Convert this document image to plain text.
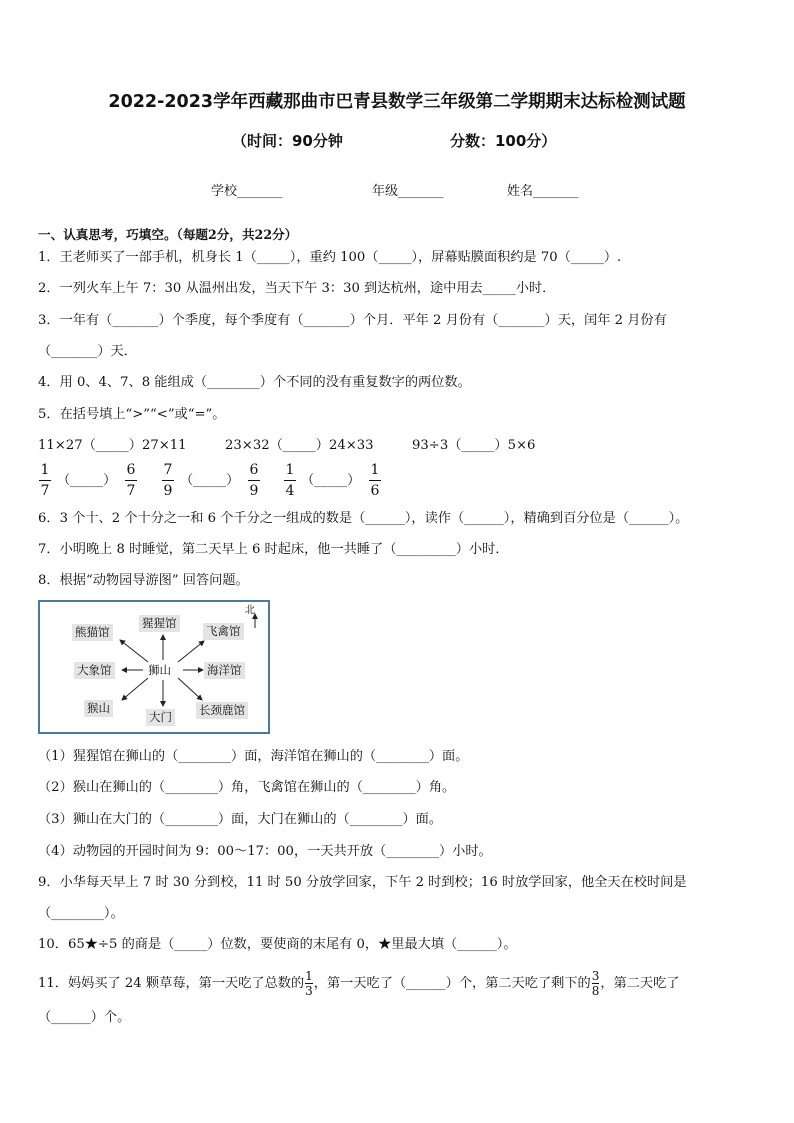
2022-2023学年西藏那曲市巴青县数学三年级第二学期期末达标检测试题
（时间：90分钟	分数：100分）
学校_______	年级_______	姓名_______
一、认真思考，巧填空。（每题2分，共22分）
1．王老师买了一部手机，机身长 1（_____），重约 100（_____），屏幕贴膜面积约是 70（_____）.
2．一列火车上午 7：30 从温州出发，当天下午 3：30 到达杭州，途中用去_____小时．
3．一年有（_______）个季度，每个季度有（_______）个月．平年 2 月份有（_______）天，闰年 2 月份有
（_______）天．
4．用 0、4、7、8 能组成（________）个不同的没有重复数字的两位数。
5．在括号填上“>”“<”或“=”。
11×27（_____）27×11	23×32（_____）24×33	93÷3（_____）5×6
1
7
（_____）
6
7
7
9
（_____）
6
9
1
4
（_____）
1
6
6．3 个十、2 个十分之一和 6 个千分之一组成的数是（______），读作（______），精确到百分位是（______）。
7．小明晚上 8 时睡觉，第二天早上 6 时起床，他一共睡了（_________）小时．
8．根据“动物园导游图” 回答问题。
北
熊猫馆
猩猩馆
飞禽馆
大象馆	狮山	海洋馆
猴山
大门 长颈鹿馆
（1）猩猩馆在狮山的（________）面，海洋馆在狮山的（________）面。
（2）猴山在狮山的（________）角，飞禽馆在狮山的（________）角。
（3）狮山在大门的（________）面，大门在狮山的（________）面。
（4）动物园的开园时间为 9：00～17：00，一天共开放（________）小时。
9．小华每天早上 7 时 30 分到校，11 时 50 分放学回家，下午 2 时到校；16 时放学回家，他全天在校时间是
（________）。
10．65★÷5 的商是（_____）位数，要使商的末尾有 0，★里最大填（______）。
11．妈妈买了 24 颗草莓，第一天吃了总数的$\frac{1}{3}$，第一天吃了（______）个，第二天吃了剩下的$\frac{3}{8}$，第二天吃了
（______）个。
